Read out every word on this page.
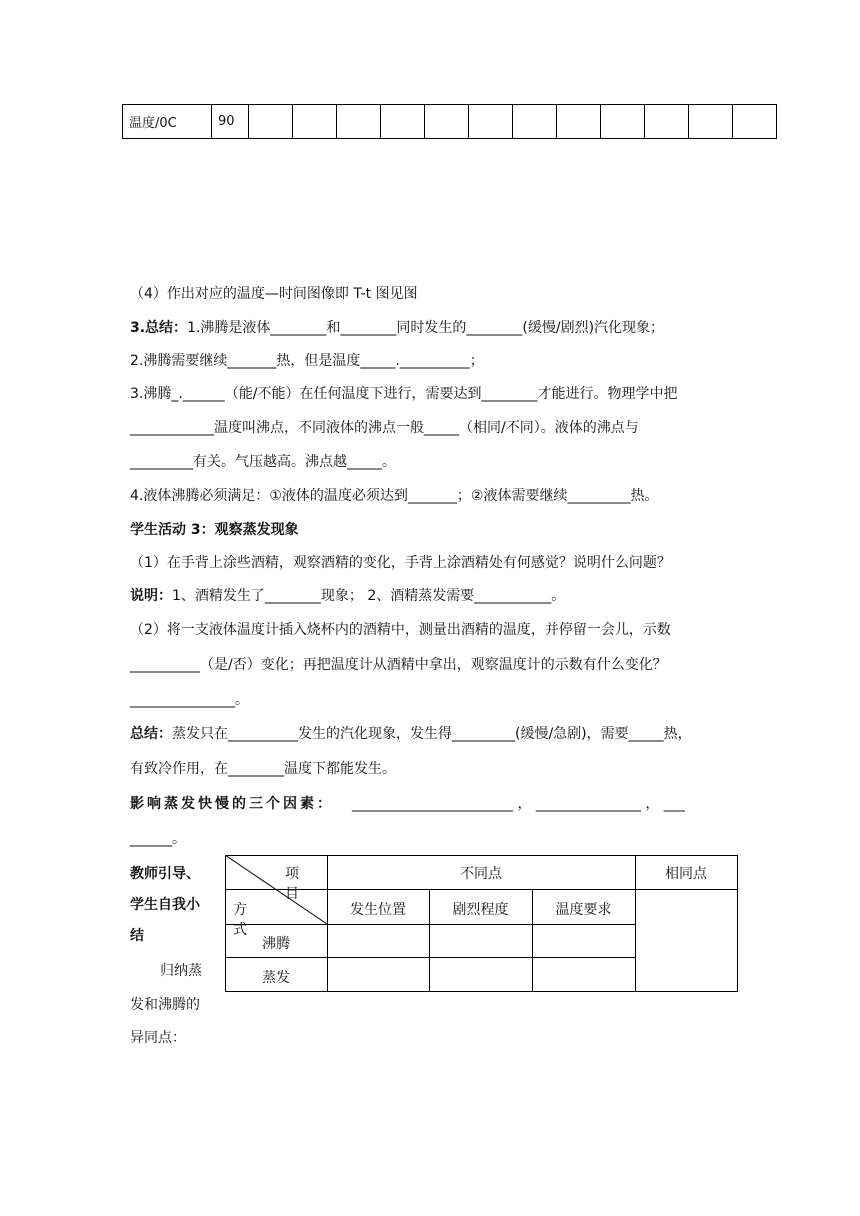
温度/0C	90												
（4）作出对应的温度—时间图像即 T-t 图见图
3.总结：1.沸腾是液体________和________同时发生的________(缓慢/剧烈)汽化现象；
2.沸腾需要继续_______热，但是温度_____.__________；
3.沸腾_.______（能/不能）在任何温度下进行，需要达到________才能进行。物理学中把
____________温度叫沸点，不同液体的沸点一般_____（相同/不同）。液体的沸点与
_________有关。气压越高。沸点越_____。
4.液体沸腾必须满足：①液体的温度必须达到_______；②液体需要继续_________热。
学生活动 3：观察蒸发现象
（1）在手背上涂些酒精，观察酒精的变化，手背上涂酒精处有何感觉？说明什么问题？
说明：1、酒精发生了________现象； 2、酒精蒸发需要___________。
（2）将一支液体温度计插入烧杯内的酒精中，测量出酒精的温度，并停留一会儿，示数
__________（是/否）变化；再把温度计从酒精中拿出，观察温度计的示数有什么变化？
_______________。
总结：蒸发只在__________发生的汽化现象，发生得_________(缓慢/急剧)，需要_____热，
有致冷作用，在________温度下都能发生。
影响蒸发快慢的三个因素： _______________________ ， _______________ ， ___
______。
教师引导、
学生自我小
结
归纳蒸
发和沸腾的
异同点：
项目
方式
不同点	相同点
发生位置	剧烈程度	温度要求
沸腾
蒸发
